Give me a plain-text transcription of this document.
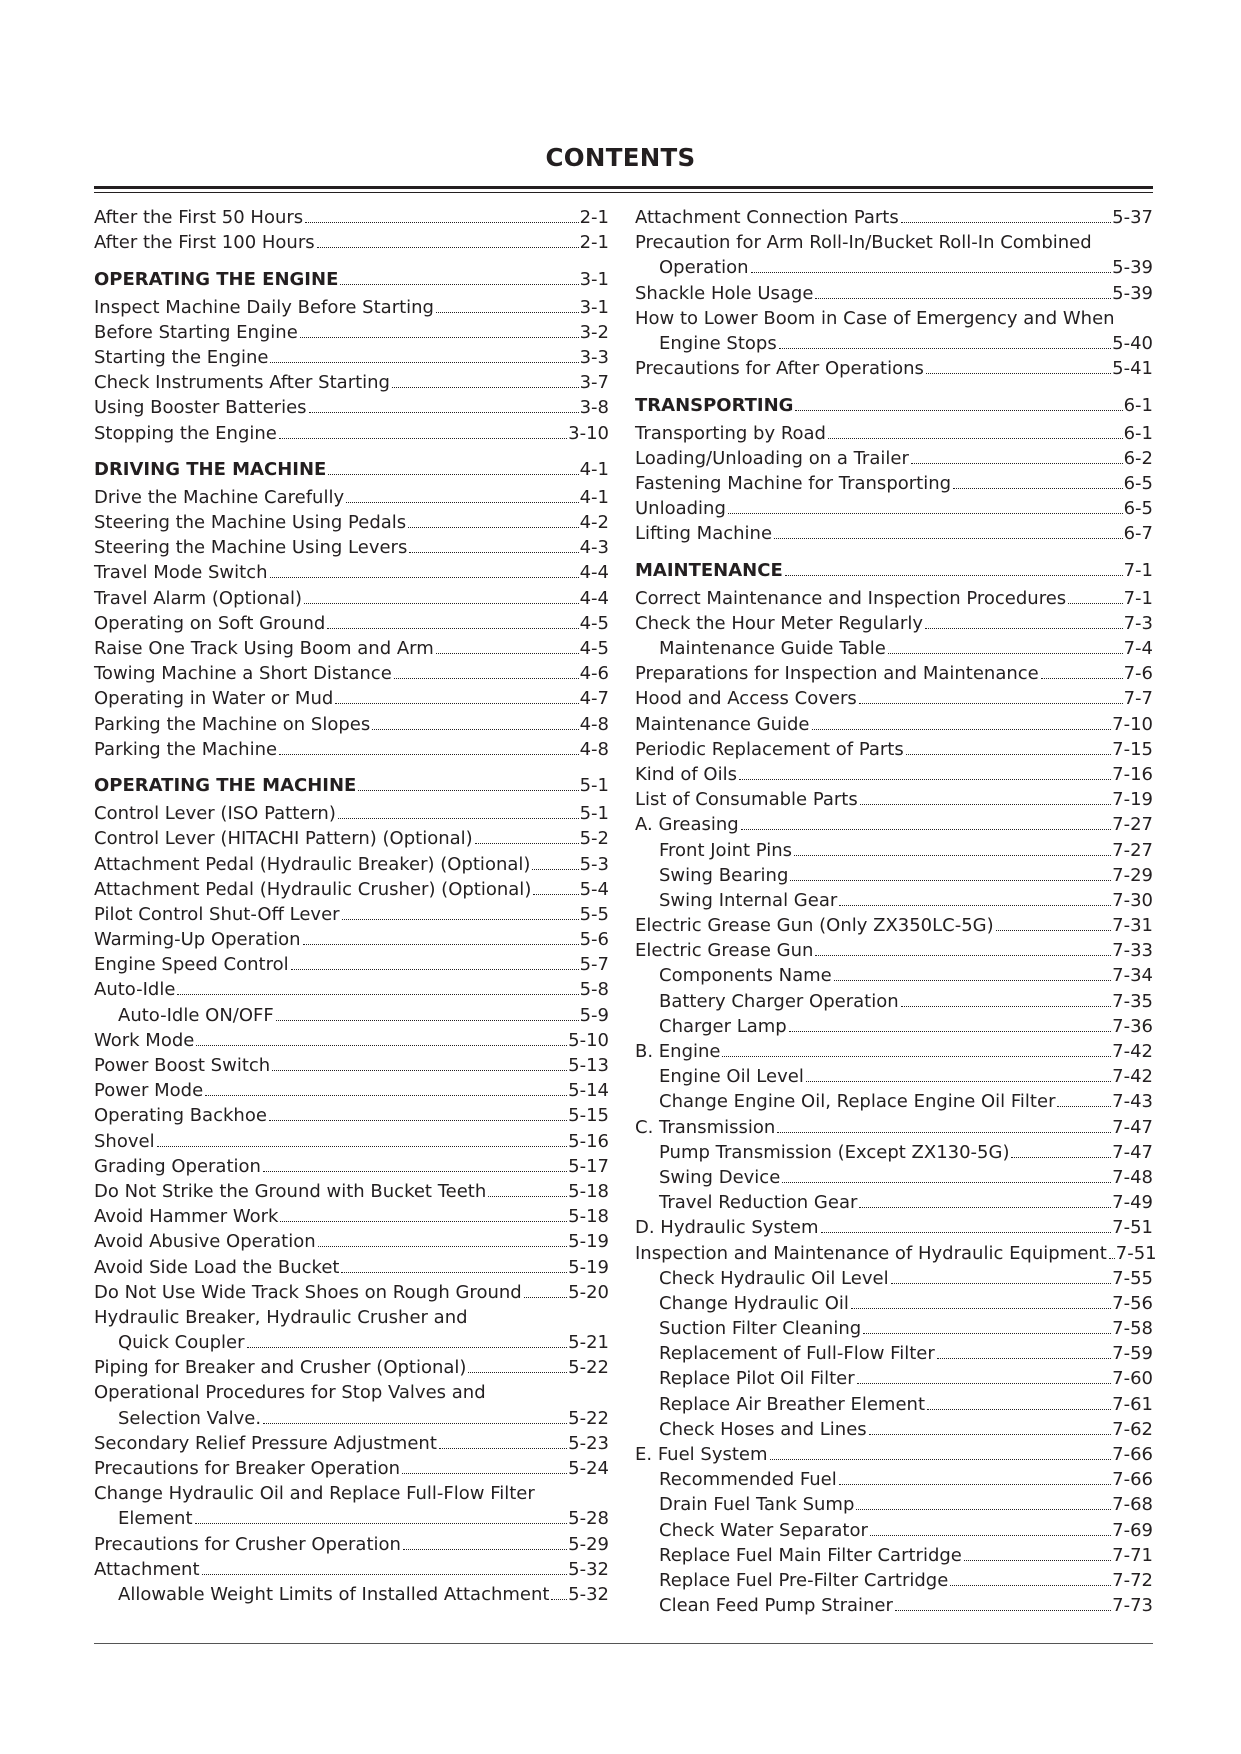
CONTENTS
After the First 50 Hours	2-1
After the First 100 Hours	2-1
OPERATING THE ENGINE	3-1
Inspect Machine Daily Before Starting	3-1
Before Starting Engine	3-2
Starting the Engine	3-3
Check Instruments After Starting	3-7
Using Booster Batteries	3-8
Stopping the Engine	3-10
DRIVING THE MACHINE	4-1
Drive the Machine Carefully	4-1
Steering the Machine Using Pedals	4-2
Steering the Machine Using Levers	4-3
Travel Mode Switch	4-4
Travel Alarm (Optional)	4-4
Operating on Soft Ground	4-5
Raise One Track Using Boom and Arm	4-5
Towing Machine a Short Distance	4-6
Operating in Water or Mud	4-7
Parking the Machine on Slopes	4-8
Parking the Machine	4-8
OPERATING THE MACHINE	5-1
Control Lever (ISO Pattern)	5-1
Control Lever (HITACHI Pattern) (Optional)	5-2
Attachment Pedal (Hydraulic Breaker) (Optional)	5-3
Attachment Pedal (Hydraulic Crusher) (Optional)	5-4
Pilot Control Shut-Off Lever	5-5
Warming-Up Operation	5-6
Engine Speed Control	5-7
Auto-Idle	5-8
Auto-Idle ON/OFF	5-9
Work Mode	5-10
Power Boost Switch	5-13
Power Mode	5-14
Operating Backhoe	5-15
Shovel	5-16
Grading Operation	5-17
Do Not Strike the Ground with Bucket Teeth	5-18
Avoid Hammer Work	5-18
Avoid Abusive Operation	5-19
Avoid Side Load the Bucket	5-19
Do Not Use Wide Track Shoes on Rough Ground	5-20
Hydraulic Breaker, Hydraulic Crusher and
Quick Coupler	5-21
Piping for Breaker and Crusher (Optional)	5-22
Operational Procedures for Stop Valves and
Selection Valve.	5-22
Secondary Relief Pressure Adjustment	5-23
Precautions for Breaker Operation	5-24
Change Hydraulic Oil and Replace Full-Flow Filter
Element	5-28
Precautions for Crusher Operation	5-29
Attachment	5-32
Allowable Weight Limits of Installed Attachment 5-32
Attachment Connection Parts	5-37
Precaution for Arm Roll-In/Bucket Roll-In Combined
Operation	5-39
Shackle Hole Usage	5-39
How to Lower Boom in Case of Emergency and When
Engine Stops	5-40
Precautions for After Operations	5-41
TRANSPORTING	6-1
Transporting by Road	6-1
Loading/Unloading on a Trailer	6-2
Fastening Machine for Transporting	6-5
Unloading	6-5
Lifting Machine	6-7
MAINTENANCE	7-1
Correct Maintenance and Inspection Procedures	7-1
Check the Hour Meter Regularly	7-3
Maintenance Guide Table	7-4
Preparations for Inspection and Maintenance	7-6
Hood and Access Covers	7-7
Maintenance Guide	7-10
Periodic Replacement of Parts	7-15
Kind of Oils	7-16
List of Consumable Parts	7-19
A. Greasing	7-27
Front Joint Pins	7-27
Swing Bearing	7-29
Swing Internal Gear	7-30
Electric Grease Gun (Only ZX350LC-5G)	7-31
Electric Grease Gun	7-33
Components Name	7-34
Battery Charger Operation	7-35
Charger Lamp	7-36
B. Engine	7-42
Engine Oil Level	7-42
Change Engine Oil, Replace Engine Oil Filter	7-43
C. Transmission	7-47
Pump Transmission (Except ZX130-5G)	7-47
Swing Device	7-48
Travel Reduction Gear	7-49
D. Hydraulic System	7-51
Inspection and Maintenance of Hydraulic Equipment 7-51
Check Hydraulic Oil Level	7-55
Change Hydraulic Oil	7-56
Suction Filter Cleaning	7-58
Replacement of Full-Flow Filter	7-59
Replace Pilot Oil Filter	7-60
Replace Air Breather Element	7-61
Check Hoses and Lines	7-62
E. Fuel System	7-66
Recommended Fuel	7-66
Drain Fuel Tank Sump	7-68
Check Water Separator	7-69
Replace Fuel Main Filter Cartridge	7-71
Replace Fuel Pre-Filter Cartridge	7-72
Clean Feed Pump Strainer	7-73
